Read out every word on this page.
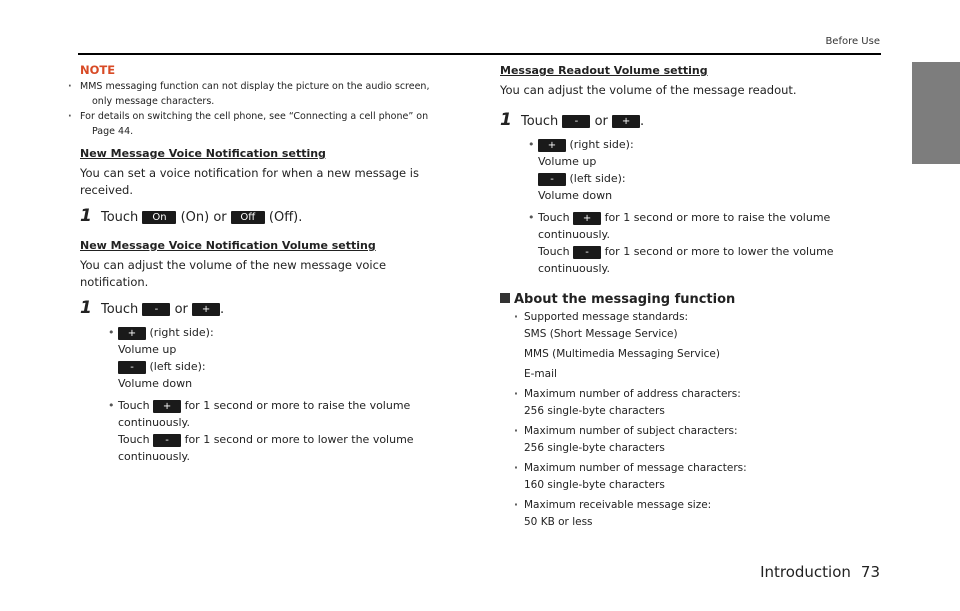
Before Use
NOTE
· MMS messaging function can not display the picture on the audio screen, only message characters.
· For details on switching the cell phone, see “Connecting a cell phone” on Page 44.
New Message Voice Notification setting
You can set a voice notification for when a new message is received.
1 Touch On (On) or Off (Off).
New Message Voice Notification Volume setting
You can adjust the volume of the new message voice notification.
1 Touch - or + .
• + (right side):
Volume up
- (left side):
Volume down
• Touch + for 1 second or more to raise the volume
continuously.
Touch - for 1 second or more to lower the volume
continuously.
Message Readout Volume setting
You can adjust the volume of the message readout.
1 Touch - or + .
• + (right side):
Volume up
- (left side):
Volume down
• Touch + for 1 second or more to raise the volume
continuously.
Touch - for 1 second or more to lower the volume
continuously.
About the messaging function
· Supported message standards:
SMS (Short Message Service)
MMS (Multimedia Messaging Service)
E-mail
· Maximum number of address characters:
256 single-byte characters
· Maximum number of subject characters:
256 single-byte characters
· Maximum number of message characters:
160 single-byte characters
· Maximum receivable message size:
50 KB or less
Introduction 73
